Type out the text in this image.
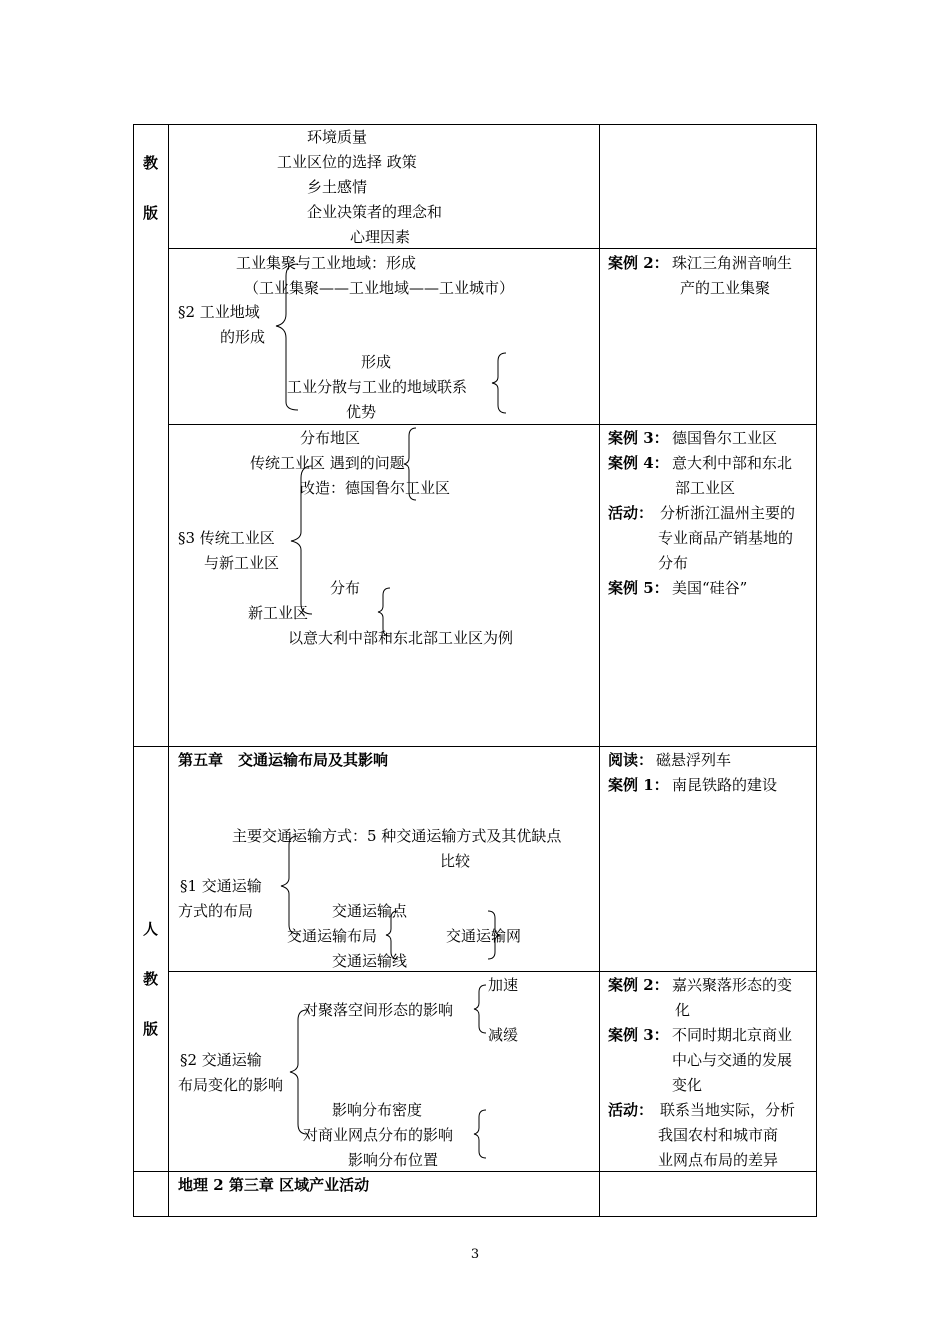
教
版
人
教
版
环境质量
工业区位的选择 政策
乡土感情
企业决策者的理念和
心理因素
工业集聚与工业地域：形成
（工业集聚——工业地域——工业城市）
§2 工业地域
的形成
形成
工业分散与工业的地域联系
优势
案例 2： 珠江三角洲音响生
产的工业集聚
分布地区
传统工业区 遇到的问题
改造：德国鲁尔工业区
§3 传统工业区
与新工业区
分布
新工业区
以意大利中部和东北部工业区为例
案例 3： 德国鲁尔工业区
案例 4： 意大利中部和东北
部工业区
活动： 分析浙江温州主要的
专业商品产销基地的
分布
案例 5： 美国“硅谷”
第五章　交通运输布局及其影响
主要交通运输方式：5 种交通运输方式及其优缺点
比较
§1 交通运输
方式的布局	交通运输点
交通运输布局	交通运输网
交通运输线
阅读： 磁悬浮列车
案例 1： 南昆铁路的建设
加速
对聚落空间形态的影响
减缓
§2 交通运输
布局变化的影响
影响分布密度
对商业网点分布的影响
影响分布位置
案例 2： 嘉兴聚落形态的变
化
案例 3： 不同时期北京商业
中心与交通的发展
变化
活动： 联系当地实际，分析
我国农村和城市商
业网点布局的差异
地理 2 第三章 区域产业活动
3
